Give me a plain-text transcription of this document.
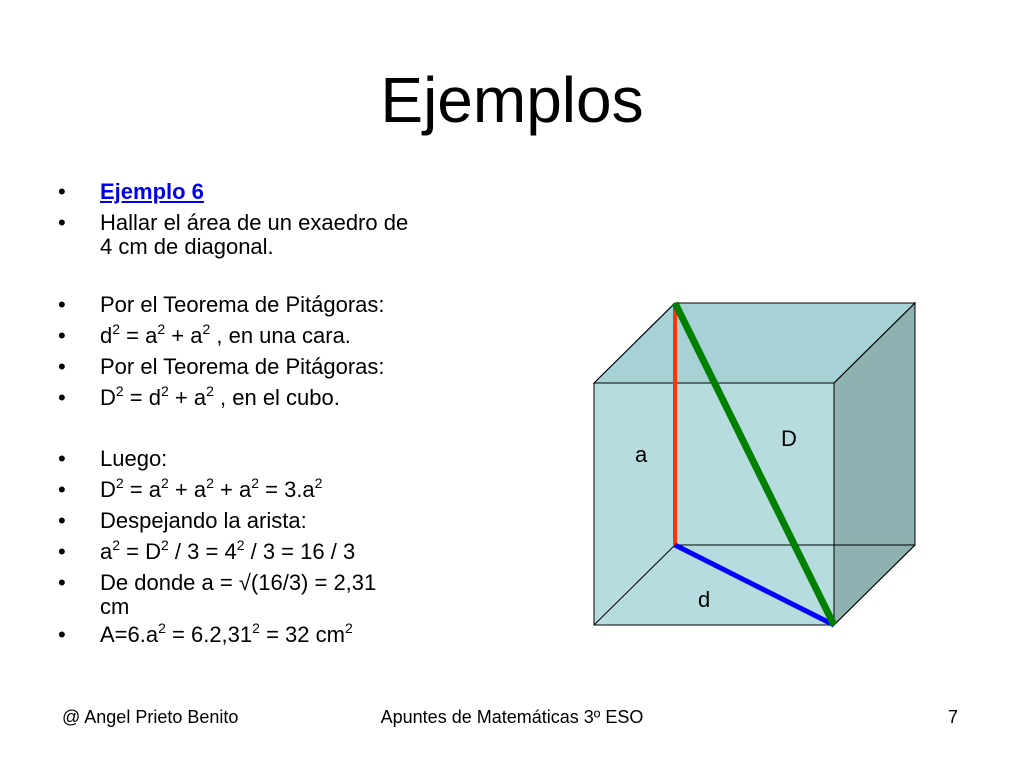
Ejemplos
• Ejemplo 6
• Hallar el área de un exaedro de
4 cm de diagonal.
• Por el Teorema de Pitágoras:
• $d^2 = a^2 + a^2$ , en una cara.
• Por el Teorema de Pitágoras:
• $D^2 = d^2 + a^2$ , en el cubo.
• Luego:
• $D^2 = a^2 + a^2 + a^2 = 3.a^2$
• Despejando la arista:
• $a^2 = D^2 / 3 = 4^2 / 3 = 16 / 3$
• De donde a = √(16/3) = 2,31
cm
• $A=6.a^2 = 6.2,31^2 = 32$ $cm^2$
a
D
d
@ Angel Prieto Benito	Apuntes de Matemáticas 3º ESO	7
